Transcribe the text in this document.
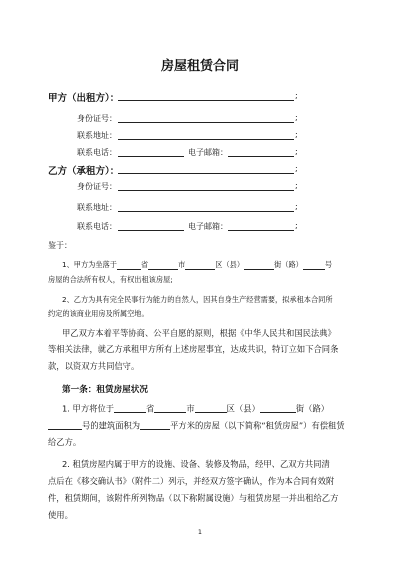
房屋租赁合同
甲方（出租方）：	;
身份证号：	;
联系地址：	;
联系电话：	电子邮箱：	;
乙方（承租方）：	;
身份证号：	;
联系地址：	;
联系电话：	电子邮箱：	;
鉴于：
1、甲方为坐落于	省	市	区（县）	街（路）	号
房屋的合法所有权人，有权出租该房屋;
2、乙方为具有完全民事行为能力的自然人，因其自身生产经营需要，拟承租本合同所
约定的该商业用房及所属空地。
甲乙双方本着平等协商、公平自愿的原则，根据《中华人民共和国民法典》
等相关法律，就乙方承租甲方所有上述房屋事宜，达成共识，特订立如下合同条
款，以资双方共同信守。
第一条：租赁房屋状况
1. 甲方将位于	省	市	区（县）	街（路）
号的建筑面积为	平方米的房屋（以下简称“租赁房屋”）有偿租赁
给乙方。
2. 租赁房屋内属于甲方的设施、设备、装修及物品，经甲、乙双方共同清
点后在《移交确认书》（附件二）列示，并经双方签字确认，作为本合同有效附
件，租赁期间，该附件所列物品（以下称附属设施）与租赁房屋一并出租给乙方
使用。
1
